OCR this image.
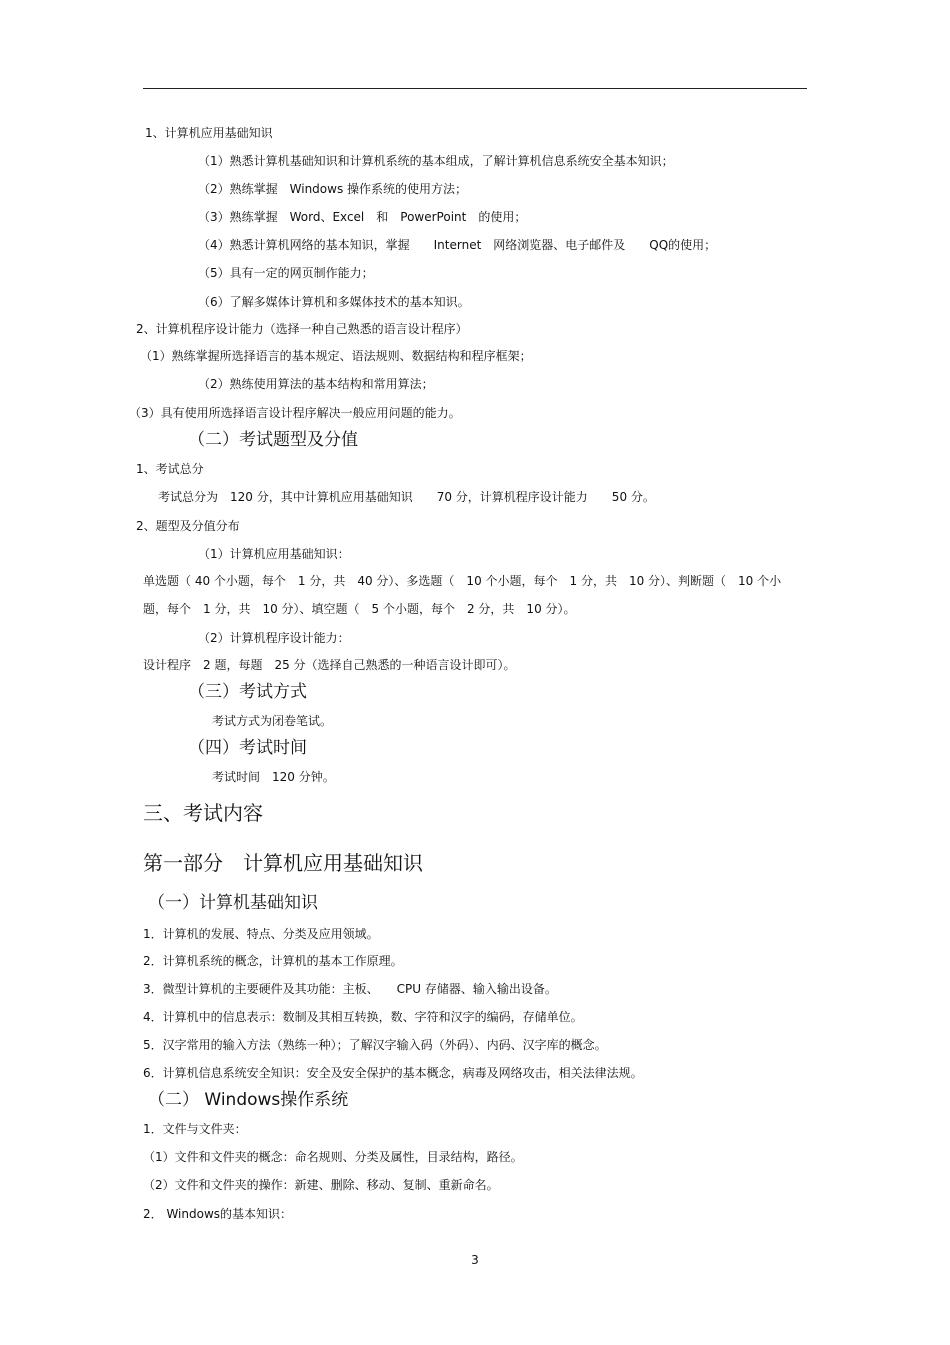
1、计算机应用基础知识
（1）熟悉计算机基础知识和计算机系统的基本组成，了解计算机信息系统安全基本知识；
（2）熟练掌握　Windows 操作系统的使用方法；
（3）熟练掌握　Word、Excel　和　PowerPoint　的使用；
（4）熟悉计算机网络的基本知识，掌握　　Internet　网络浏览器、电子邮件及　　QQ的使用；
（5）具有一定的网页制作能力；
（6）了解多媒体计算机和多媒体技术的基本知识。
2、计算机程序设计能力（选择一种自己熟悉的语言设计程序）
（1）熟练掌握所选择语言的基本规定、语法规则、数据结构和程序框架；
（2）熟练使用算法的基本结构和常用算法；
（3）具有使用所选择语言设计程序解决一般应用问题的能力。
（二）考试题型及分值
1、考试总分
考试总分为　120 分，其中计算机应用基础知识　　70 分，计算机程序设计能力　　50 分。
2、题型及分值分布
（1）计算机应用基础知识：
单选题（ 40 个小题，每个　1 分，共　40 分）、多选题（　10 个小题，每个　1 分，共　10 分）、判断题（　10 个小题，每个　1 分，共　10 分）、填空题（　5 个小题，每个　2 分，共　10 分）。
（2）计算机程序设计能力：
设计程序　2 题，每题　25 分（选择自己熟悉的一种语言设计即可）。
（三）考试方式
考试方式为闭卷笔试。
（四）考试时间
考试时间　120 分钟。
三、考试内容
第一部分　计算机应用基础知识
（一）计算机基础知识
1．计算机的发展、特点、分类及应用领域。
2．计算机系统的概念，计算机的基本工作原理。
3．微型计算机的主要硬件及其功能：主板、　　CPU 存储器、输入输出设备。
4．计算机中的信息表示：数制及其相互转换，数、字符和汉字的编码，存储单位。
5．汉字常用的输入方法（熟练一种）；了解汉字输入码（外码）、内码、汉字库的概念。
6．计算机信息系统安全知识：安全及安全保护的基本概念，病毒及网络攻击，相关法律法规。
（二） Windows操作系统
1．文件与文件夹：
（1）文件和文件夹的概念：命名规则、分类及属性，目录结构，路径。
（2）文件和文件夹的操作：新建、删除、移动、复制、重新命名。
2． Windows的基本知识：
3
